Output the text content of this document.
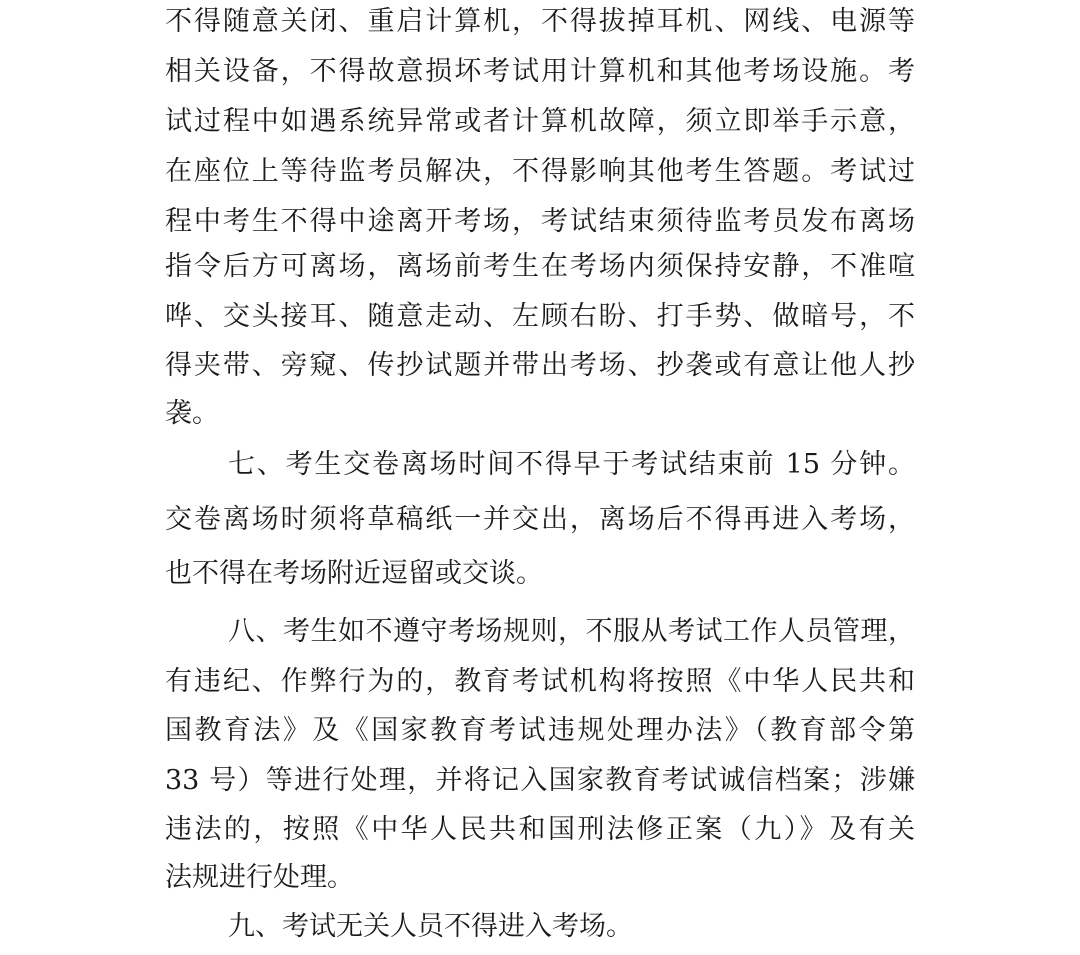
不得随意关闭、重启计算机，不得拔掉耳机、网线、电源等
相关设备，不得故意损坏考试用计算机和其他考场设施。考
试过程中如遇系统异常或者计算机故障，须立即举手示意，
在座位上等待监考员解决，不得影响其他考生答题。考试过
程中考生不得中途离开考场，考试结束须待监考员发布离场
指令后方可离场，离场前考生在考场内须保持安静，不准喧
哗、交头接耳、随意走动、左顾右盼、打手势、做暗号，不
得夹带、旁窥、传抄试题并带出考场、抄袭或有意让他人抄
袭。
七、考生交卷离场时间不得早于考试结束前 15 分钟。
交卷离场时须将草稿纸一并交出，离场后不得再进入考场，
也不得在考场附近逗留或交谈。
八、考生如不遵守考场规则，不服从考试工作人员管理，
有违纪、作弊行为的，教育考试机构将按照《中华人民共和
国教育法》及《国家教育考试违规处理办法》（教育部令第
33 号）等进行处理，并将记入国家教育考试诚信档案；涉嫌
违法的，按照《中华人民共和国刑法修正案（九）》及有关
法规进行处理。
九、考试无关人员不得进入考场。
